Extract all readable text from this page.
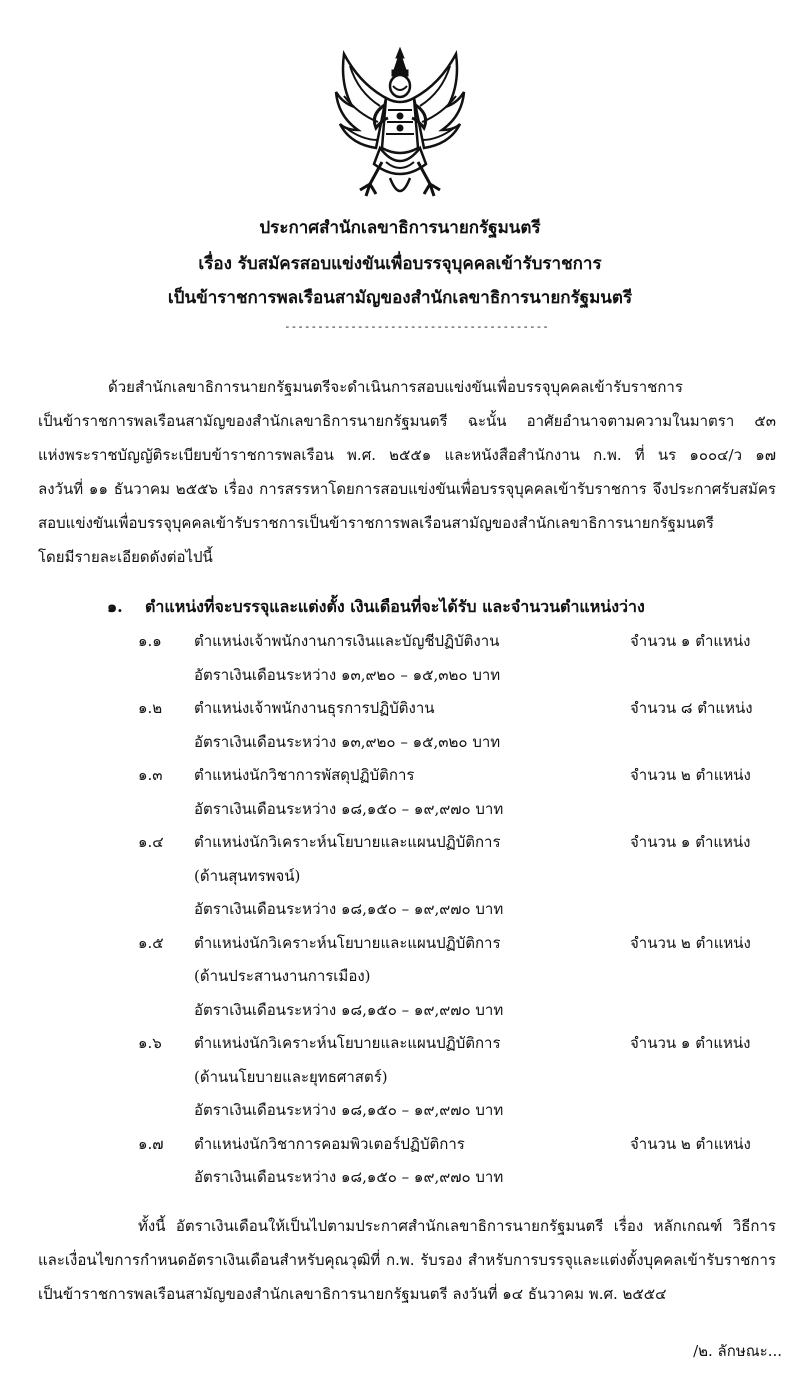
ประกาศสำนักเลขาธิการนายกรัฐมนตรี
เรื่อง รับสมัครสอบแข่งขันเพื่อบรรจุบุคคลเข้ารับราชการ
เป็นข้าราชการพลเรือนสามัญของสำนักเลขาธิการนายกรัฐมนตรี
----------------------------------------
ด้วยสำนักเลขาธิการนายกรัฐมนตรีจะดำเนินการสอบแข่งขันเพื่อบรรจุบุคคลเข้ารับราชการ
เป็นข้าราชการพลเรือนสามัญของสำนักเลขาธิการนายกรัฐมนตรี ฉะนั้น อาศัยอำนาจตามความในมาตรา ๕๓
แห่งพระราชบัญญัติระเบียบข้าราชการพลเรือน พ.ศ. ๒๕๕๑ และหนังสือสำนักงาน ก.พ. ที่ นร ๑๐๐๔/ว ๑๗
ลงวันที่ ๑๑ ธันวาคม ๒๕๕๖ เรื่อง การสรรหาโดยการสอบแข่งขันเพื่อบรรจุบุคคลเข้ารับราชการ จึงประกาศรับสมัคร
สอบแข่งขันเพื่อบรรจุบุคคลเข้ารับราชการเป็นข้าราชการพลเรือนสามัญของสำนักเลขาธิการนายกรัฐมนตรี
โดยมีรายละเอียดดังต่อไปนี้
๑. ตำแหน่งที่จะบรรจุและแต่งตั้ง เงินเดือนที่จะได้รับ และจำนวนตำแหน่งว่าง
๑.๑ ตำแหน่งเจ้าพนักงานการเงินและบัญชีปฏิบัติงาน	จำนวน ๑ ตำแหน่ง
อัตราเงินเดือนระหว่าง ๑๓,๙๒๐ – ๑๕,๓๒๐ บาท
๑.๒ ตำแหน่งเจ้าพนักงานธุรการปฏิบัติงาน	จำนวน ๘ ตำแหน่ง
อัตราเงินเดือนระหว่าง ๑๓,๙๒๐ – ๑๕,๓๒๐ บาท
๑.๓ ตำแหน่งนักวิชาการพัสดุปฏิบัติการ	จำนวน ๒ ตำแหน่ง
อัตราเงินเดือนระหว่าง ๑๘,๑๕๐ – ๑๙,๙๗๐ บาท
๑.๔ ตำแหน่งนักวิเคราะห์นโยบายและแผนปฏิบัติการ	จำนวน ๑ ตำแหน่ง
(ด้านสุนทรพจน์)
อัตราเงินเดือนระหว่าง ๑๘,๑๕๐ – ๑๙,๙๗๐ บาท
๑.๕ ตำแหน่งนักวิเคราะห์นโยบายและแผนปฏิบัติการ	จำนวน ๒ ตำแหน่ง
(ด้านประสานงานการเมือง)
อัตราเงินเดือนระหว่าง ๑๘,๑๕๐ – ๑๙,๙๗๐ บาท
๑.๖ ตำแหน่งนักวิเคราะห์นโยบายและแผนปฏิบัติการ	จำนวน ๑ ตำแหน่ง
(ด้านนโยบายและยุทธศาสตร์)
อัตราเงินเดือนระหว่าง ๑๘,๑๕๐ – ๑๙,๙๗๐ บาท
๑.๗ ตำแหน่งนักวิชาการคอมพิวเตอร์ปฏิบัติการ	จำนวน ๒ ตำแหน่ง
อัตราเงินเดือนระหว่าง ๑๘,๑๕๐ – ๑๙,๙๗๐ บาท
ทั้งนี้ อัตราเงินเดือนให้เป็นไปตามประกาศสำนักเลขาธิการนายกรัฐมนตรี เรื่อง หลักเกณฑ์ วิธีการ
และเงื่อนไขการกำหนดอัตราเงินเดือนสำหรับคุณวุฒิที่ ก.พ. รับรอง สำหรับการบรรจุและแต่งตั้งบุคคลเข้ารับราชการ
เป็นข้าราชการพลเรือนสามัญของสำนักเลขาธิการนายกรัฐมนตรี ลงวันที่ ๑๔ ธันวาคม พ.ศ. ๒๕๕๔
/๒. ลักษณะ...
